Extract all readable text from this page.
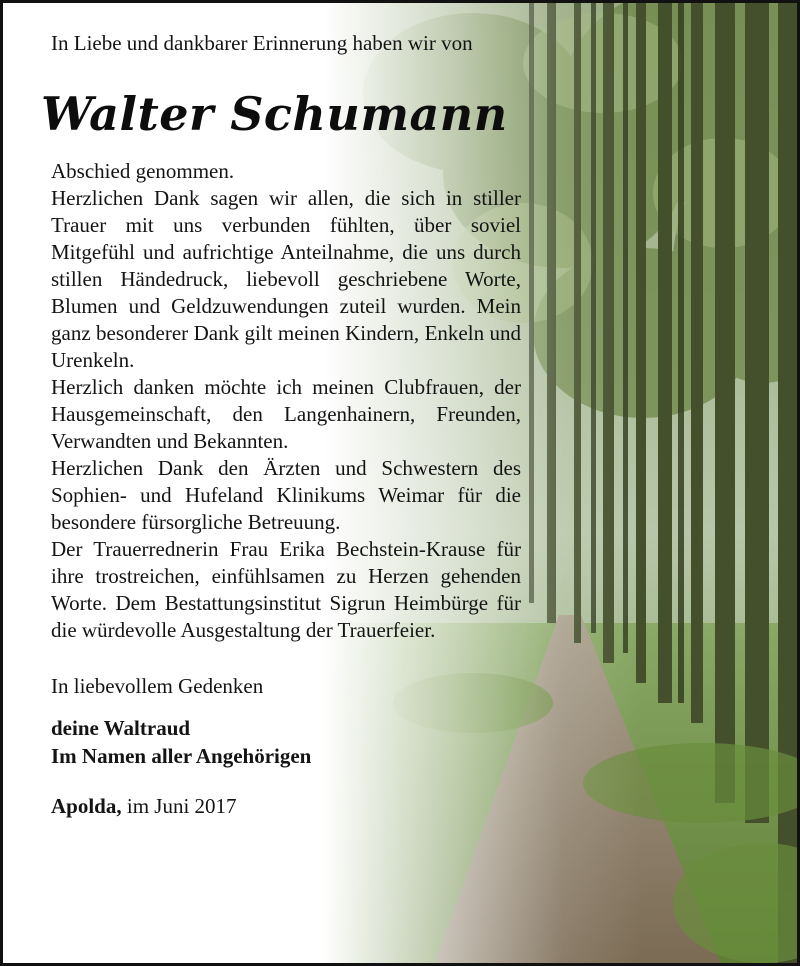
In Liebe und dankbarer Erinnerung haben wir von

Walter Schumann
Abschied genommen.
Herzlichen Dank sagen wir allen, die sich in stiller Trauer mit uns verbunden fühlten, über soviel Mitgefühl und aufrichtige Anteilnahme, die uns durch stillen Händedruck, liebevoll geschriebene Worte, Blumen und Geldzuwendungen zuteil wurden. Mein ganz besonderer Dank gilt meinen Kindern, Enkeln und Urenkeln.
Herzlich danken möchte ich meinen Clubfrauen, der Hausgemeinschaft, den Langenhainern, Freunden, Verwandten und Bekannten.
Herzlichen Dank den Ärzten und Schwestern des Sophien- und Hufeland Klinikums Weimar für die besondere fürsorgliche Betreuung.
Der Trauerrednerin Frau Erika Bechstein-Krause für ihre trostreichen, einfühlsamen zu Herzen gehenden Worte. Dem Bestattungsinstitut Sigrun Heimbürge für die würdevolle Ausgestaltung der Trauerfeier.
In liebevollem Gedenken
deine Waltraud
Im Namen aller Angehörigen
Apolda, im Juni 2017
